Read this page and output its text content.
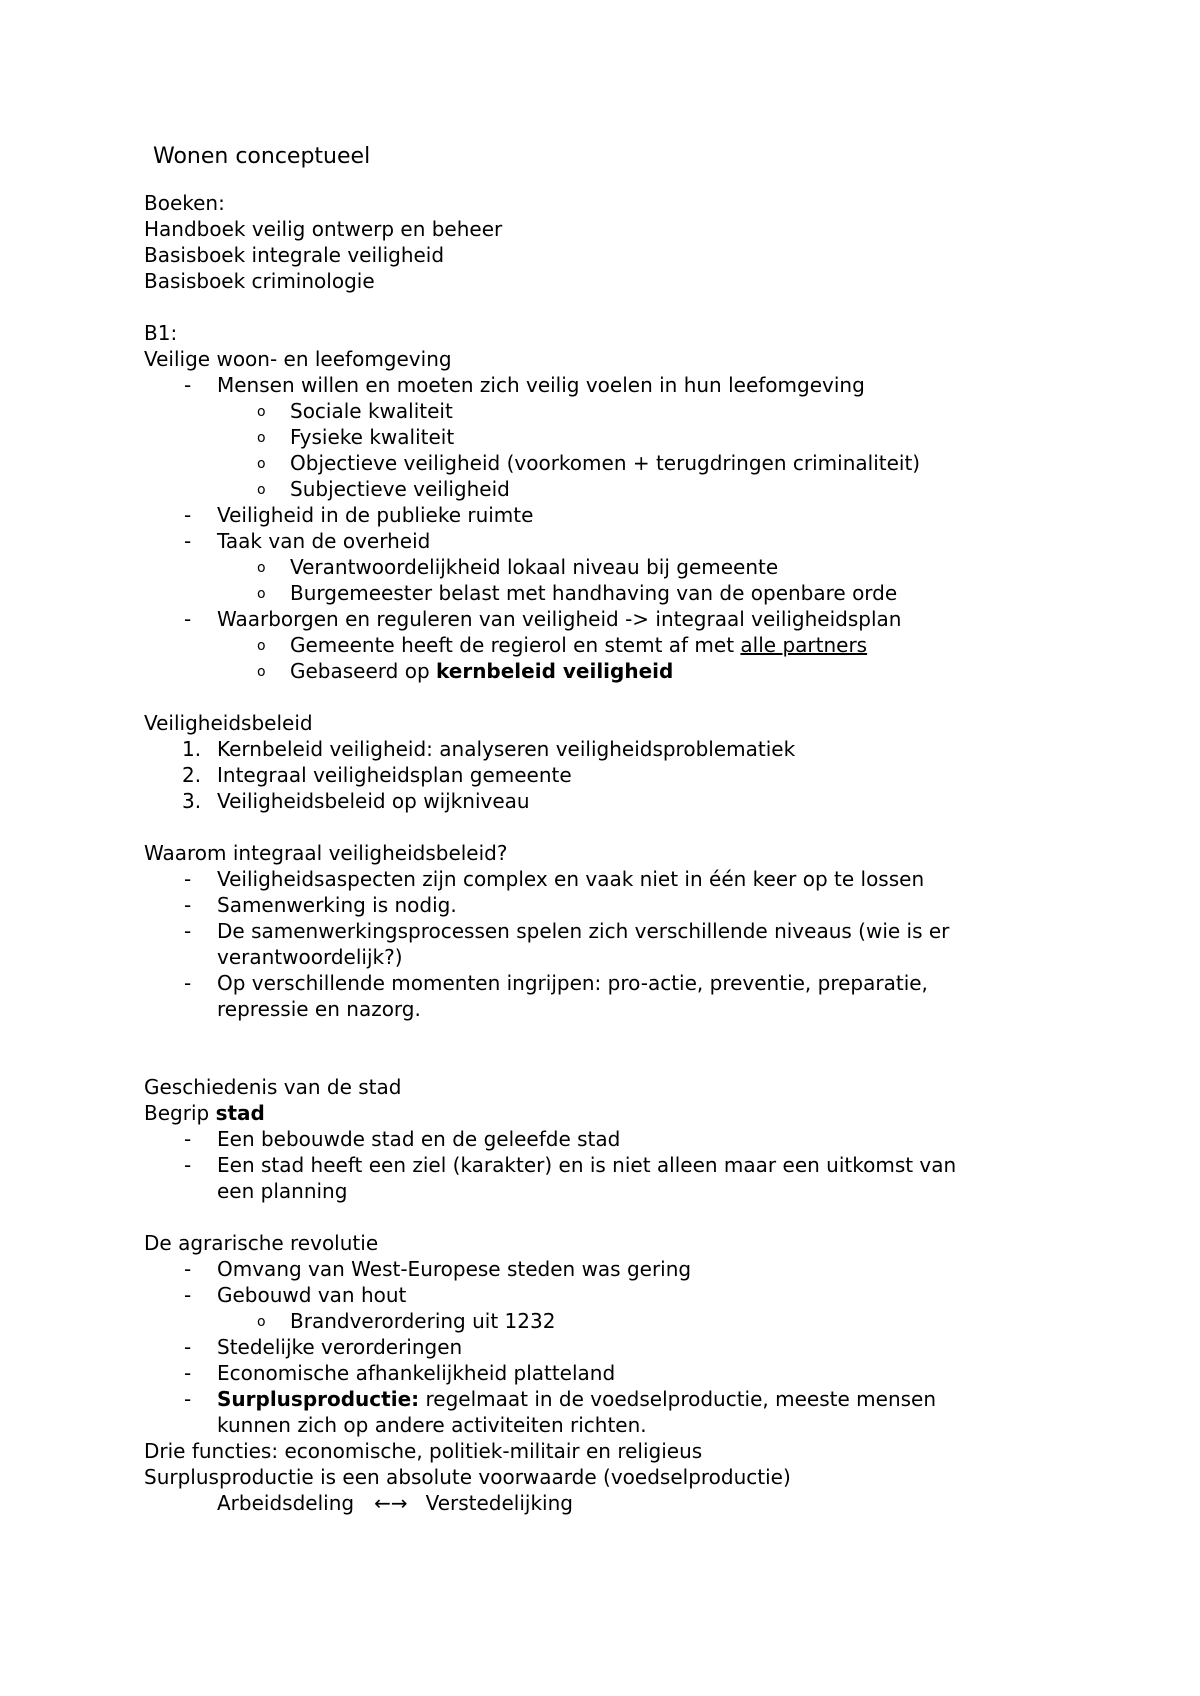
Wonen conceptueel
Boeken:
Handboek veilig ontwerp en beheer
Basisboek integrale veiligheid
Basisboek criminologie
B1:
Veilige woon- en leefomgeving
- Mensen willen en moeten zich veilig voelen in hun leefomgeving
o Sociale kwaliteit
o Fysieke kwaliteit
o Objectieve veiligheid (voorkomen + terugdringen criminaliteit)
o Subjectieve veiligheid
- Veiligheid in de publieke ruimte
- Taak van de overheid
o Verantwoordelijkheid lokaal niveau bij gemeente
o Burgemeester belast met handhaving van de openbare orde
- Waarborgen en reguleren van veiligheid -> integraal veiligheidsplan
o Gemeente heeft de regierol en stemt af met alle partners
o Gebaseerd op kernbeleid veiligheid
Veiligheidsbeleid
1. Kernbeleid veiligheid: analyseren veiligheidsproblematiek
2. Integraal veiligheidsplan gemeente
3. Veiligheidsbeleid op wijkniveau
Waarom integraal veiligheidsbeleid?
- Veiligheidsaspecten zijn complex en vaak niet in één keer op te lossen
- Samenwerking is nodig.
- De samenwerkingsprocessen spelen zich verschillende niveaus (wie is er
verantwoordelijk?)
- Op verschillende momenten ingrijpen: pro-actie, preventie, preparatie,
repressie en nazorg.
Geschiedenis van de stad
Begrip stad
- Een bebouwde stad en de geleefde stad
- Een stad heeft een ziel (karakter) en is niet alleen maar een uitkomst van
een planning
De agrarische revolutie
- Omvang van West-Europese steden was gering
- Gebouwd van hout
o Brandverordering uit 1232
- Stedelijke verorderingen
- Economische afhankelijkheid platteland
- Surplusproductie: regelmaat in de voedselproductie, meeste mensen
kunnen zich op andere activiteiten richten.
Drie functies: economische, politiek-militair en religieus
Surplusproductie is een absolute voorwaarde (voedselproductie)
Arbeidsdeling ←→ Verstedelijking
